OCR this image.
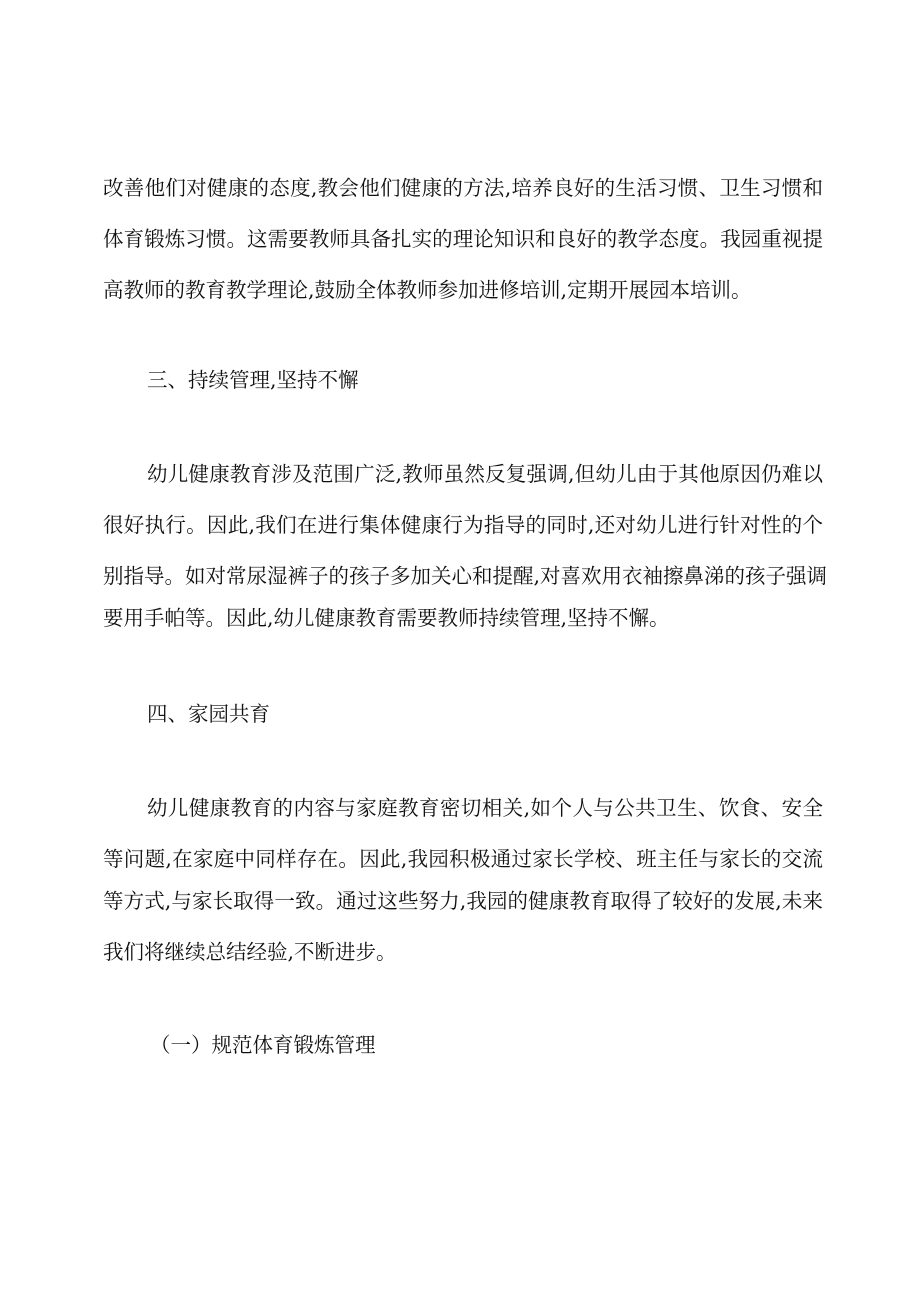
改善他们对健康的态度,教会他们健康的方法,培养良好的生活习惯、卫生习惯和
体育锻炼习惯。这需要教师具备扎实的理论知识和良好的教学态度。我园重视提
高教师的教育教学理论,鼓励全体教师参加进修培训,定期开展园本培训。
三、持续管理,坚持不懈
幼儿健康教育涉及范围广泛,教师虽然反复强调,但幼儿由于其他原因仍难以
很好执行。因此,我们在进行集体健康行为指导的同时,还对幼儿进行针对性的个
别指导。如对常尿湿裤子的孩子多加关心和提醒,对喜欢用衣袖擦鼻涕的孩子强调
要用手帕等。因此,幼儿健康教育需要教师持续管理,坚持不懈。
四、家园共育
幼儿健康教育的内容与家庭教育密切相关,如个人与公共卫生、饮食、安全
等问题,在家庭中同样存在。因此,我园积极通过家长学校、班主任与家长的交流
等方式,与家长取得一致。通过这些努力,我园的健康教育取得了较好的发展,未来
我们将继续总结经验,不断进步。
（一）规范体育锻炼管理
